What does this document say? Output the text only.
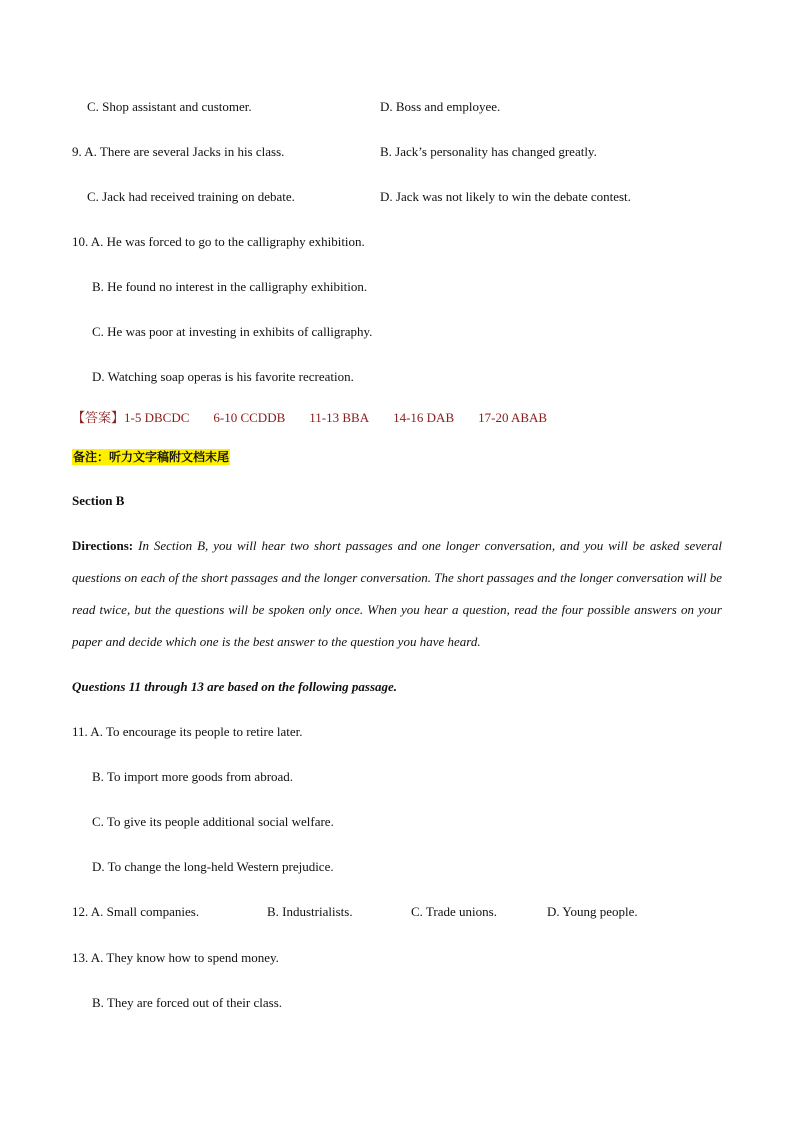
C. Shop assistant and customer.	D. Boss and employee.
9. A. There are several Jacks in his class.	B. Jack’s personality has changed greatly.
C. Jack had received training on debate.	D. Jack was not likely to win the debate contest.
10. A. He was forced to go to the calligraphy exhibition.
B. He found no interest in the calligraphy exhibition.
C. He was poor at investing in exhibits of calligraphy.
D. Watching soap operas is his favorite recreation.
【答案】1-5 DBCDC 6-10 CCDDB 11-13 BBA 14-16 DAB 17-20 ABAB
备注：听力文字稿附文档末尾
Section B
Directions: In Section B, you will hear two short passages and one longer conversation, and you will be asked several questions on each of the short passages and the longer conversation. The short passages and the longer conversation will be read twice, but the questions will be spoken only once. When you hear a question, read the four possible answers on your paper and decide which one is the best answer to the question you have heard.
Questions 11 through 13 are based on the following passage.
11. A. To encourage its people to retire later.
B. To import more goods from abroad.
C. To give its people additional social welfare.
D. To change the long-held Western prejudice.
12. A. Small companies.	B. Industrialists.	C. Trade unions.	D. Young people.
13. A. They know how to spend money.
B. They are forced out of their class.
